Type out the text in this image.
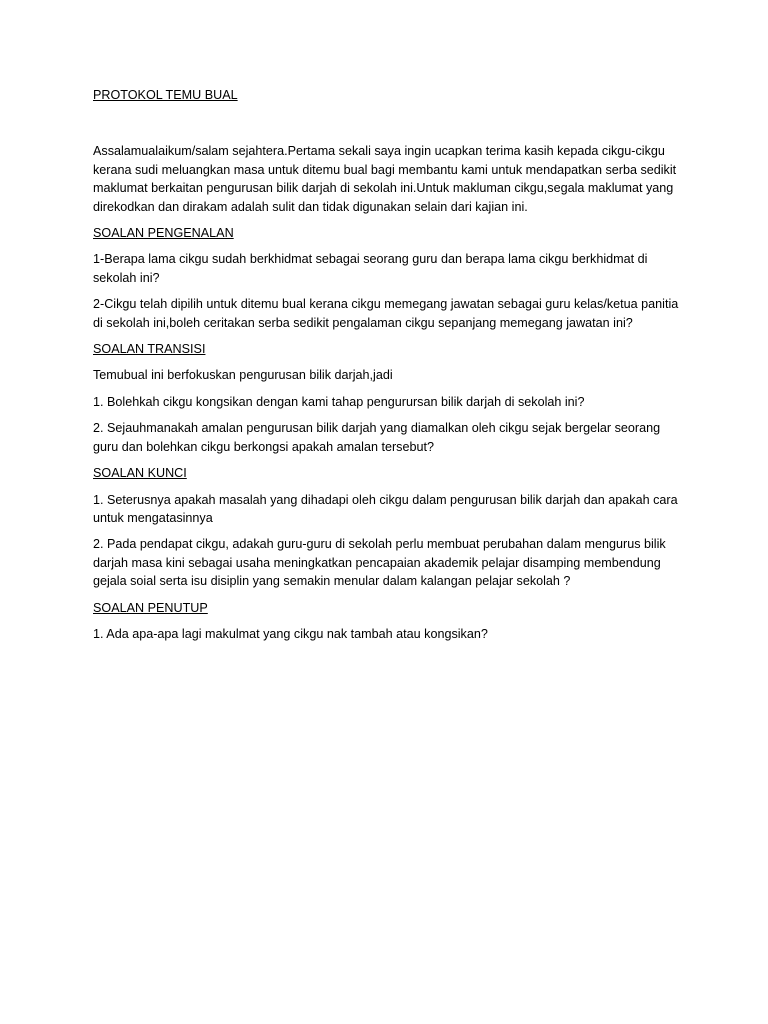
PROTOKOL TEMU BUAL

Assalamualaikum/salam sejahtera.Pertama sekali saya ingin ucapkan terima kasih kepada cikgu-cikgu kerana sudi meluangkan masa untuk ditemu bual bagi membantu kami untuk mendapatkan serba sedikit maklumat berkaitan pengurusan bilik darjah di sekolah ini.Untuk makluman cikgu,segala maklumat yang direkodkan dan dirakam adalah sulit dan tidak digunakan selain dari kajian ini.

SOALAN PENGENALAN

1-Berapa lama cikgu sudah berkhidmat sebagai seorang guru dan berapa lama cikgu berkhidmat di sekolah ini?

2-Cikgu telah dipilih untuk ditemu bual kerana cikgu memegang jawatan sebagai guru kelas/ketua panitia di sekolah ini,boleh ceritakan serba sedikit pengalaman cikgu sepanjang memegang jawatan ini?

SOALAN TRANSISI

Temubual ini berfokuskan pengurusan bilik darjah,jadi

1. Bolehkah cikgu kongsikan dengan kami tahap pengurursan bilik darjah di sekolah ini?

2. Sejauhmanakah amalan pengurusan bilik darjah yang diamalkan oleh cikgu sejak bergelar seorang guru dan bolehkan cikgu berkongsi apakah amalan tersebut?

SOALAN KUNCI

1. Seterusnya apakah masalah yang dihadapi oleh cikgu dalam pengurusan bilik darjah dan apakah cara untuk mengatasinnya

2. Pada pendapat cikgu, adakah guru-guru di sekolah perlu membuat perubahan dalam mengurus bilik darjah masa kini sebagai usaha meningkatkan pencapaian akademik pelajar disamping membendung gejala soial serta isu disiplin yang semakin menular dalam kalangan pelajar sekolah ?

SOALAN PENUTUP

1. Ada apa-apa lagi makulmat yang cikgu nak tambah atau kongsikan?
